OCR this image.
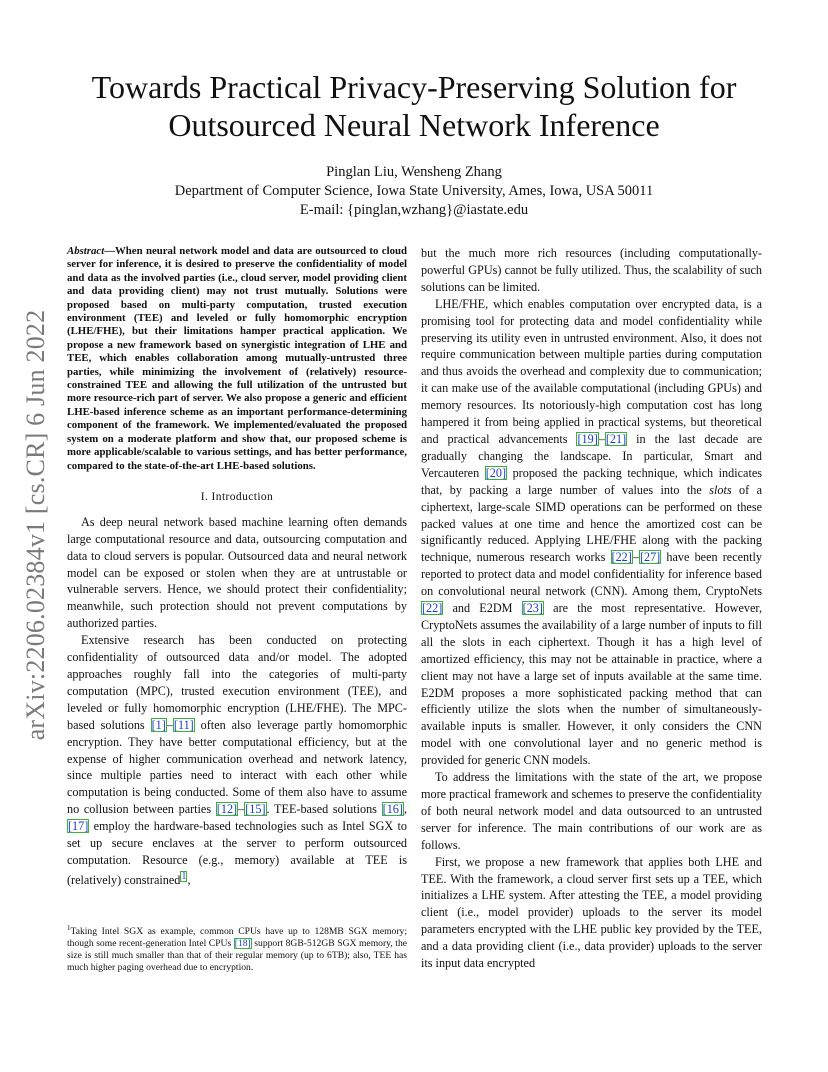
Towards Practical Privacy-Preserving Solution for
Outsourced Neural Network Inference
Pinglan Liu, Wensheng Zhang
Department of Computer Science, Iowa State University, Ames, Iowa, USA 50011
E-mail: {pinglan,wzhang}@iastate.edu
arXiv:2206.02384v1 [cs.CR] 6 Jun 2022

Abstract—When neural network model and data are outsourced to cloud server for inference, it is desired to preserve the confidentiality of model and data as the involved parties (i.e., cloud server, model providing client and data providing client) may not trust mutually. Solutions were proposed based on multi-party computation, trusted execution environment (TEE) and leveled or fully homomorphic encryption (LHE/FHE), but their limitations hamper practical application. We propose a new framework based on synergistic integration of LHE and TEE, which enables collaboration among mutually-untrusted three parties, while minimizing the involvement of (relatively) resource-constrained TEE and allowing the full utilization of the untrusted but more resource-rich part of server. We also propose a generic and efficient LHE-based inference scheme as an important performance-determining component of the framework. We implemented/evaluated the proposed system on a moderate platform and show that, our proposed scheme is more applicable/scalable to various settings, and has better performance, compared to the state-of-the-art LHE-based solutions.

I. Introduction

As deep neural network based machine learning often demands large computational resource and data, outsourcing computation and data to cloud servers is popular. Outsourced data and neural network model can be exposed or stolen when they are at untrustable or vulnerable servers. Hence, we should protect their confidentiality; meanwhile, such protection should not prevent computations by authorized parties.

Extensive research has been conducted on protecting confidentiality of outsourced data and/or model. The adopted approaches roughly fall into the categories of multi-party computation (MPC), trusted execution environment (TEE), and leveled or fully homomorphic encryption (LHE/FHE). The MPC-based solutions [1]–[11] often also leverage partly homomorphic encryption. They have better computational efficiency, but at the expense of higher communication overhead and network latency, since multiple parties need to interact with each other while computation is being conducted. Some of them also have to assume no collusion between parties [12]–[15]. TEE-based solutions [16], [17] employ the hardware-based technologies such as Intel SGX to set up secure enclaves at the server to perform outsourced computation. Resource (e.g., memory) available at TEE is (relatively) constrained$^1$,

$^1$Taking Intel SGX as example, common CPUs have up to 128MB SGX memory; though some recent-generation Intel CPUs [18] support 8GB-512GB SGX memory, the size is still much smaller than that of their regular memory (up to 6TB); also, TEE has much higher paging overhead due to encryption.

but the much more rich resources (including computationally-powerful GPUs) cannot be fully utilized. Thus, the scalability of such solutions can be limited.

LHE/FHE, which enables computation over encrypted data, is a promising tool for protecting data and model confidentiality while preserving its utility even in untrusted environment. Also, it does not require communication between multiple parties during computation and thus avoids the overhead and complexity due to communication; it can make use of the available computational (including GPUs) and memory resources. Its notoriously-high computation cost has long hampered it from being applied in practical systems, but theoretical and practical advancements [19]–[21] in the last decade are gradually changing the landscape. In particular, Smart and Vercauteren [20] proposed the packing technique, which indicates that, by packing a large number of values into the slots of a ciphertext, large-scale SIMD operations can be performed on these packed values at one time and hence the amortized cost can be significantly reduced. Applying LHE/FHE along with the packing technique, numerous research works [22]–[27] have been recently reported to protect data and model confidentiality for inference based on convolutional neural network (CNN). Among them, CryptoNets [22] and E2DM [23] are the most representative. However, CryptoNets assumes the availability of a large number of inputs to fill all the slots in each ciphertext. Though it has a high level of amortized efficiency, this may not be attainable in practice, where a client may not have a large set of inputs available at the same time. E2DM proposes a more sophisticated packing method that can efficiently utilize the slots when the number of simultaneously-available inputs is smaller. However, it only considers the CNN model with one convolutional layer and no generic method is provided for generic CNN models.

To address the limitations with the state of the art, we propose more practical framework and schemes to preserve the confidentiality of both neural network model and data outsourced to an untrusted server for inference. The main contributions of our work are as follows.

First, we propose a new framework that applies both LHE and TEE. With the framework, a cloud server first sets up a TEE, which initializes a LHE system. After attesting the TEE, a model providing client (i.e., model provider) uploads to the server its model parameters encrypted with the LHE public key provided by the TEE, and a data providing client (i.e., data provider) uploads to the server its input data encrypted
